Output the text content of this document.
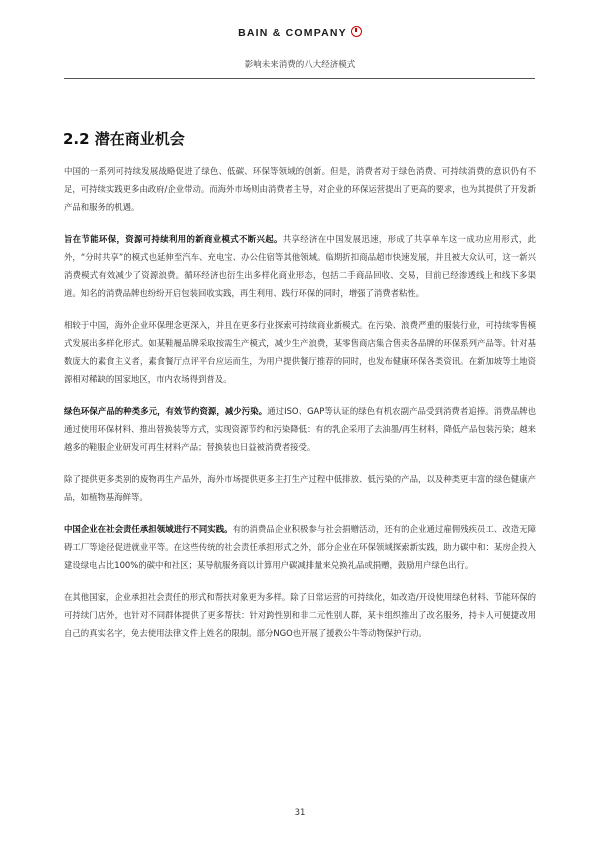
BAIN & COMPANY
影响未来消费的八大经济模式
2.2 潜在商业机会

中国的一系列可持续发展战略促进了绿色、低碳、环保等领域的创新。但是，消费者对于绿色消费、可持续消费的意识仍有不足，可持续实践更多由政府/企业带动。而海外市场则由消费者主导，对企业的环保运营提出了更高的要求，也为其提供了开发新产品和服务的机遇。

旨在节能环保，资源可持续利用的新商业模式不断兴起。共享经济在中国发展迅速，形成了共享单车这一成功应用形式，此外，“分时共享”的模式也延伸至汽车、充电宝、办公住宿等其他领域。临期折扣商品超市快速发展，并且被大众认可，这一新兴消费模式有效减少了资源浪费。循环经济也衍生出多样化商业形态，包括二手商品回收、交易，目前已经渗透线上和线下多渠道。知名的消费品牌也纷纷开启包装回收实践，再生利用、践行环保的同时，增强了消费者粘性。

相较于中国，海外企业环保理念更深入，并且在更多行业探索可持续商业新模式。在污染、浪费严重的服装行业，可持续零售模式发展出多样化形式。如某鞋履品牌采取按需生产模式，减少生产浪费，某零售商店集合售卖各品牌的环保系列产品等。针对基数庞大的素食主义者，素食餐厅点评平台应运而生，为用户提供餐厅推荐的同时，也发布健康环保各类资讯。在新加坡等土地资源相对稀缺的国家地区，市内农场得到普及。

绿色环保产品的种类多元，有效节约资源，减少污染。通过ISO、GAP等认证的绿色有机农副产品受到消费者追捧。消费品牌也通过使用环保材料、推出替换装等方式，实现资源节约和污染降低：有的乳企采用了去油墨/再生材料，降低产品包装污染；越来越多的鞋服企业研发可再生材料产品；替换装也日益被消费者接受。

除了提供更多类别的废物再生产品外，海外市场提供更多主打生产过程中低排放、低污染的产品，以及种类更丰富的绿色健康产品，如植物基海鲜等。

中国企业在社会责任承担领域进行不同实践。有的消费品企业积极参与社会捐赠活动，还有的企业通过雇佣残疾员工、改造无障碍工厂等途径促进就业平等。在这些传统的社会责任承担形式之外，部分企业在环保领域探索新实践，助力碳中和：某房企投入建设绿电占比100%的碳中和社区；某导航服务商以计算用户碳减排量来兑换礼品或捐赠，鼓励用户绿色出行。

在其他国家，企业承担社会责任的形式和帮扶对象更为多样。除了日常运营的可持续化，如改造/开设使用绿色材料、节能环保的可持续门店外，也针对不同群体提供了更多帮扶：针对跨性别和非二元性别人群，某卡组织推出了改名服务，持卡人可便捷改用自己的真实名字，免去使用法律文件上姓名的限制。部分NGO也开展了援救公牛等动物保护行动。

31
